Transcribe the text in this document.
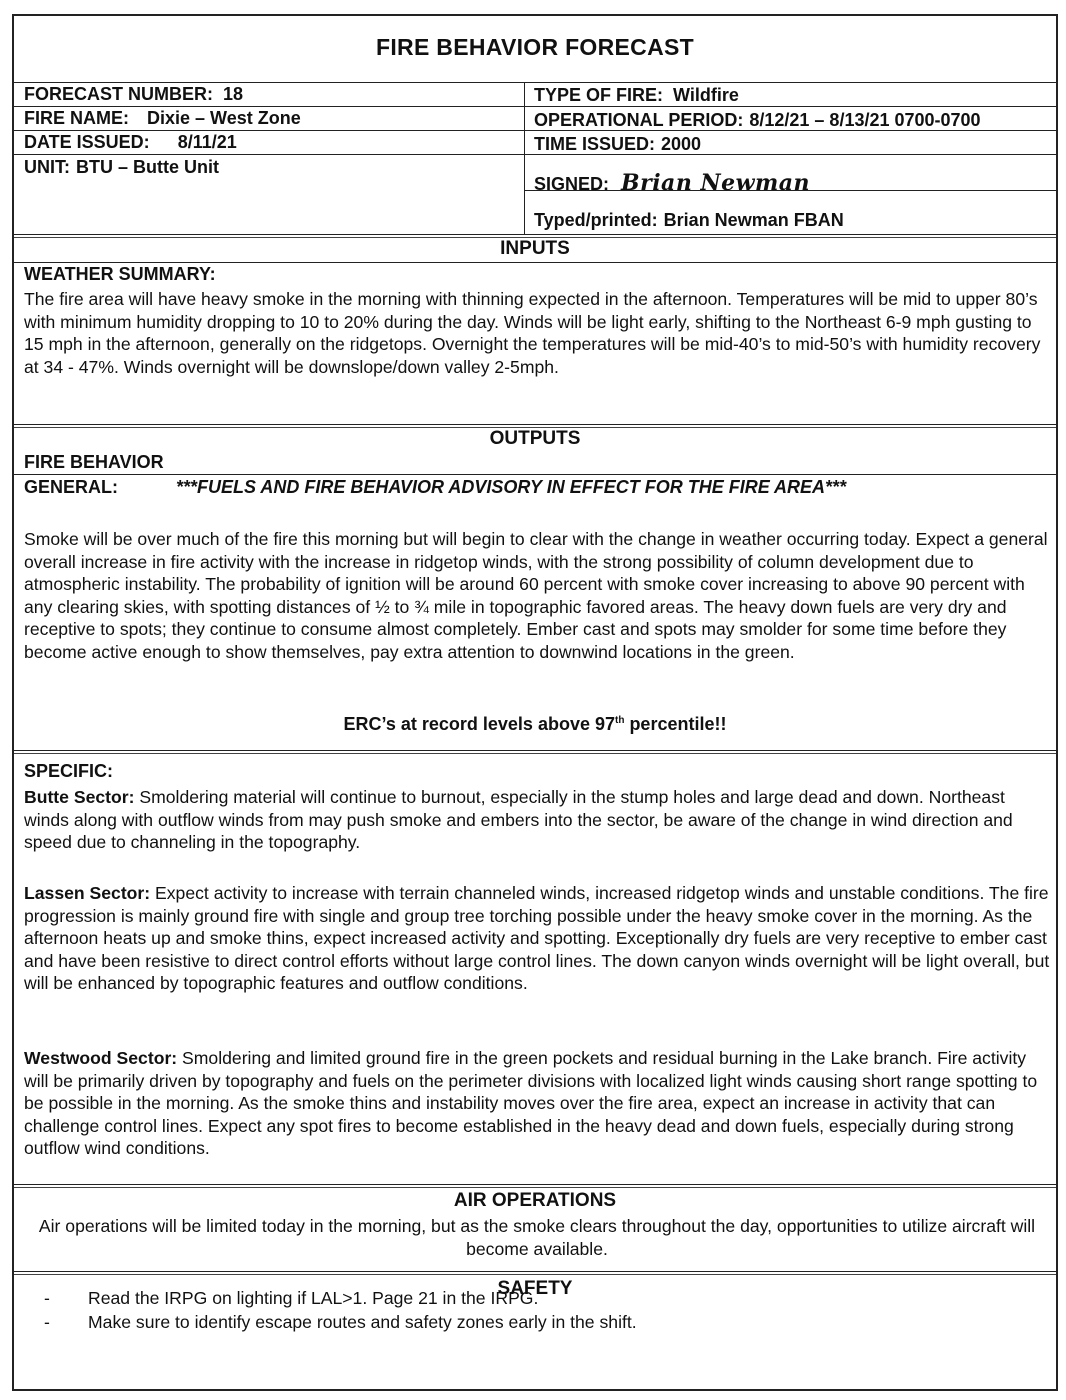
FIRE BEHAVIOR FORECAST
FORECAST NUMBER: 18	TYPE OF FIRE: Wildfire
FIRE NAME: Dixie – West Zone	OPERATIONAL PERIOD: 8/12/21 – 8/13/21 0700-0700
DATE ISSUED: 8/11/21	TIME ISSUED: 2000
UNIT: BTU – Butte Unit
SIGNED: Brian Newman
Typed/printed: Brian Newman FBAN
INPUTS
WEATHER SUMMARY:
The fire area will have heavy smoke in the morning with thinning expected in the afternoon. Temperatures will be mid to upper 80’s with minimum humidity dropping to 10 to 20% during the day. Winds will be light early, shifting to the Northeast 6-9 mph gusting to 15 mph in the afternoon, generally on the ridgetops. Overnight the temperatures will be mid-40’s to mid-50’s with humidity recovery at 34 - 47%. Winds overnight will be downslope/down valley 2-5mph.
OUTPUTS
FIRE BEHAVIOR
GENERAL:	***FUELS AND FIRE BEHAVIOR ADVISORY IN EFFECT FOR THE FIRE AREA***
Smoke will be over much of the fire this morning but will begin to clear with the change in weather occurring today. Expect a general overall increase in fire activity with the increase in ridgetop winds, with the strong possibility of column development due to atmospheric instability. The probability of ignition will be around 60 percent with smoke cover increasing to above 90 percent with any clearing skies, with spotting distances of ½ to ¾ mile in topographic favored areas. The heavy down fuels are very dry and receptive to spots; they continue to consume almost completely. Ember cast and spots may smolder for some time before they become active enough to show themselves, pay extra attention to downwind locations in the green.
ERC’s at record levels above 97th percentile!!
SPECIFIC:
Butte Sector: Smoldering material will continue to burnout, especially in the stump holes and large dead and down. Northeast winds along with outflow winds from may push smoke and embers into the sector, be aware of the change in wind direction and speed due to channeling in the topography.
Lassen Sector: Expect activity to increase with terrain channeled winds, increased ridgetop winds and unstable conditions. The fire progression is mainly ground fire with single and group tree torching possible under the heavy smoke cover in the morning. As the afternoon heats up and smoke thins, expect increased activity and spotting. Exceptionally dry fuels are very receptive to ember cast and have been resistive to direct control efforts without large control lines. The down canyon winds overnight will be light overall, but will be enhanced by topographic features and outflow conditions.
Westwood Sector: Smoldering and limited ground fire in the green pockets and residual burning in the Lake branch. Fire activity will be primarily driven by topography and fuels on the perimeter divisions with localized light winds causing short range spotting to be possible in the morning. As the smoke thins and instability moves over the fire area, expect an increase in activity that can challenge control lines. Expect any spot fires to become established in the heavy dead and down fuels, especially during strong outflow wind conditions.
AIR OPERATIONS
Air operations will be limited today in the morning, but as the smoke clears throughout the day, opportunities to utilize aircraft will become available.
SAFETY
- Read the IRPG on lighting if LAL>1. Page 21 in the IRPG.
- Make sure to identify escape routes and safety zones early in the shift.
